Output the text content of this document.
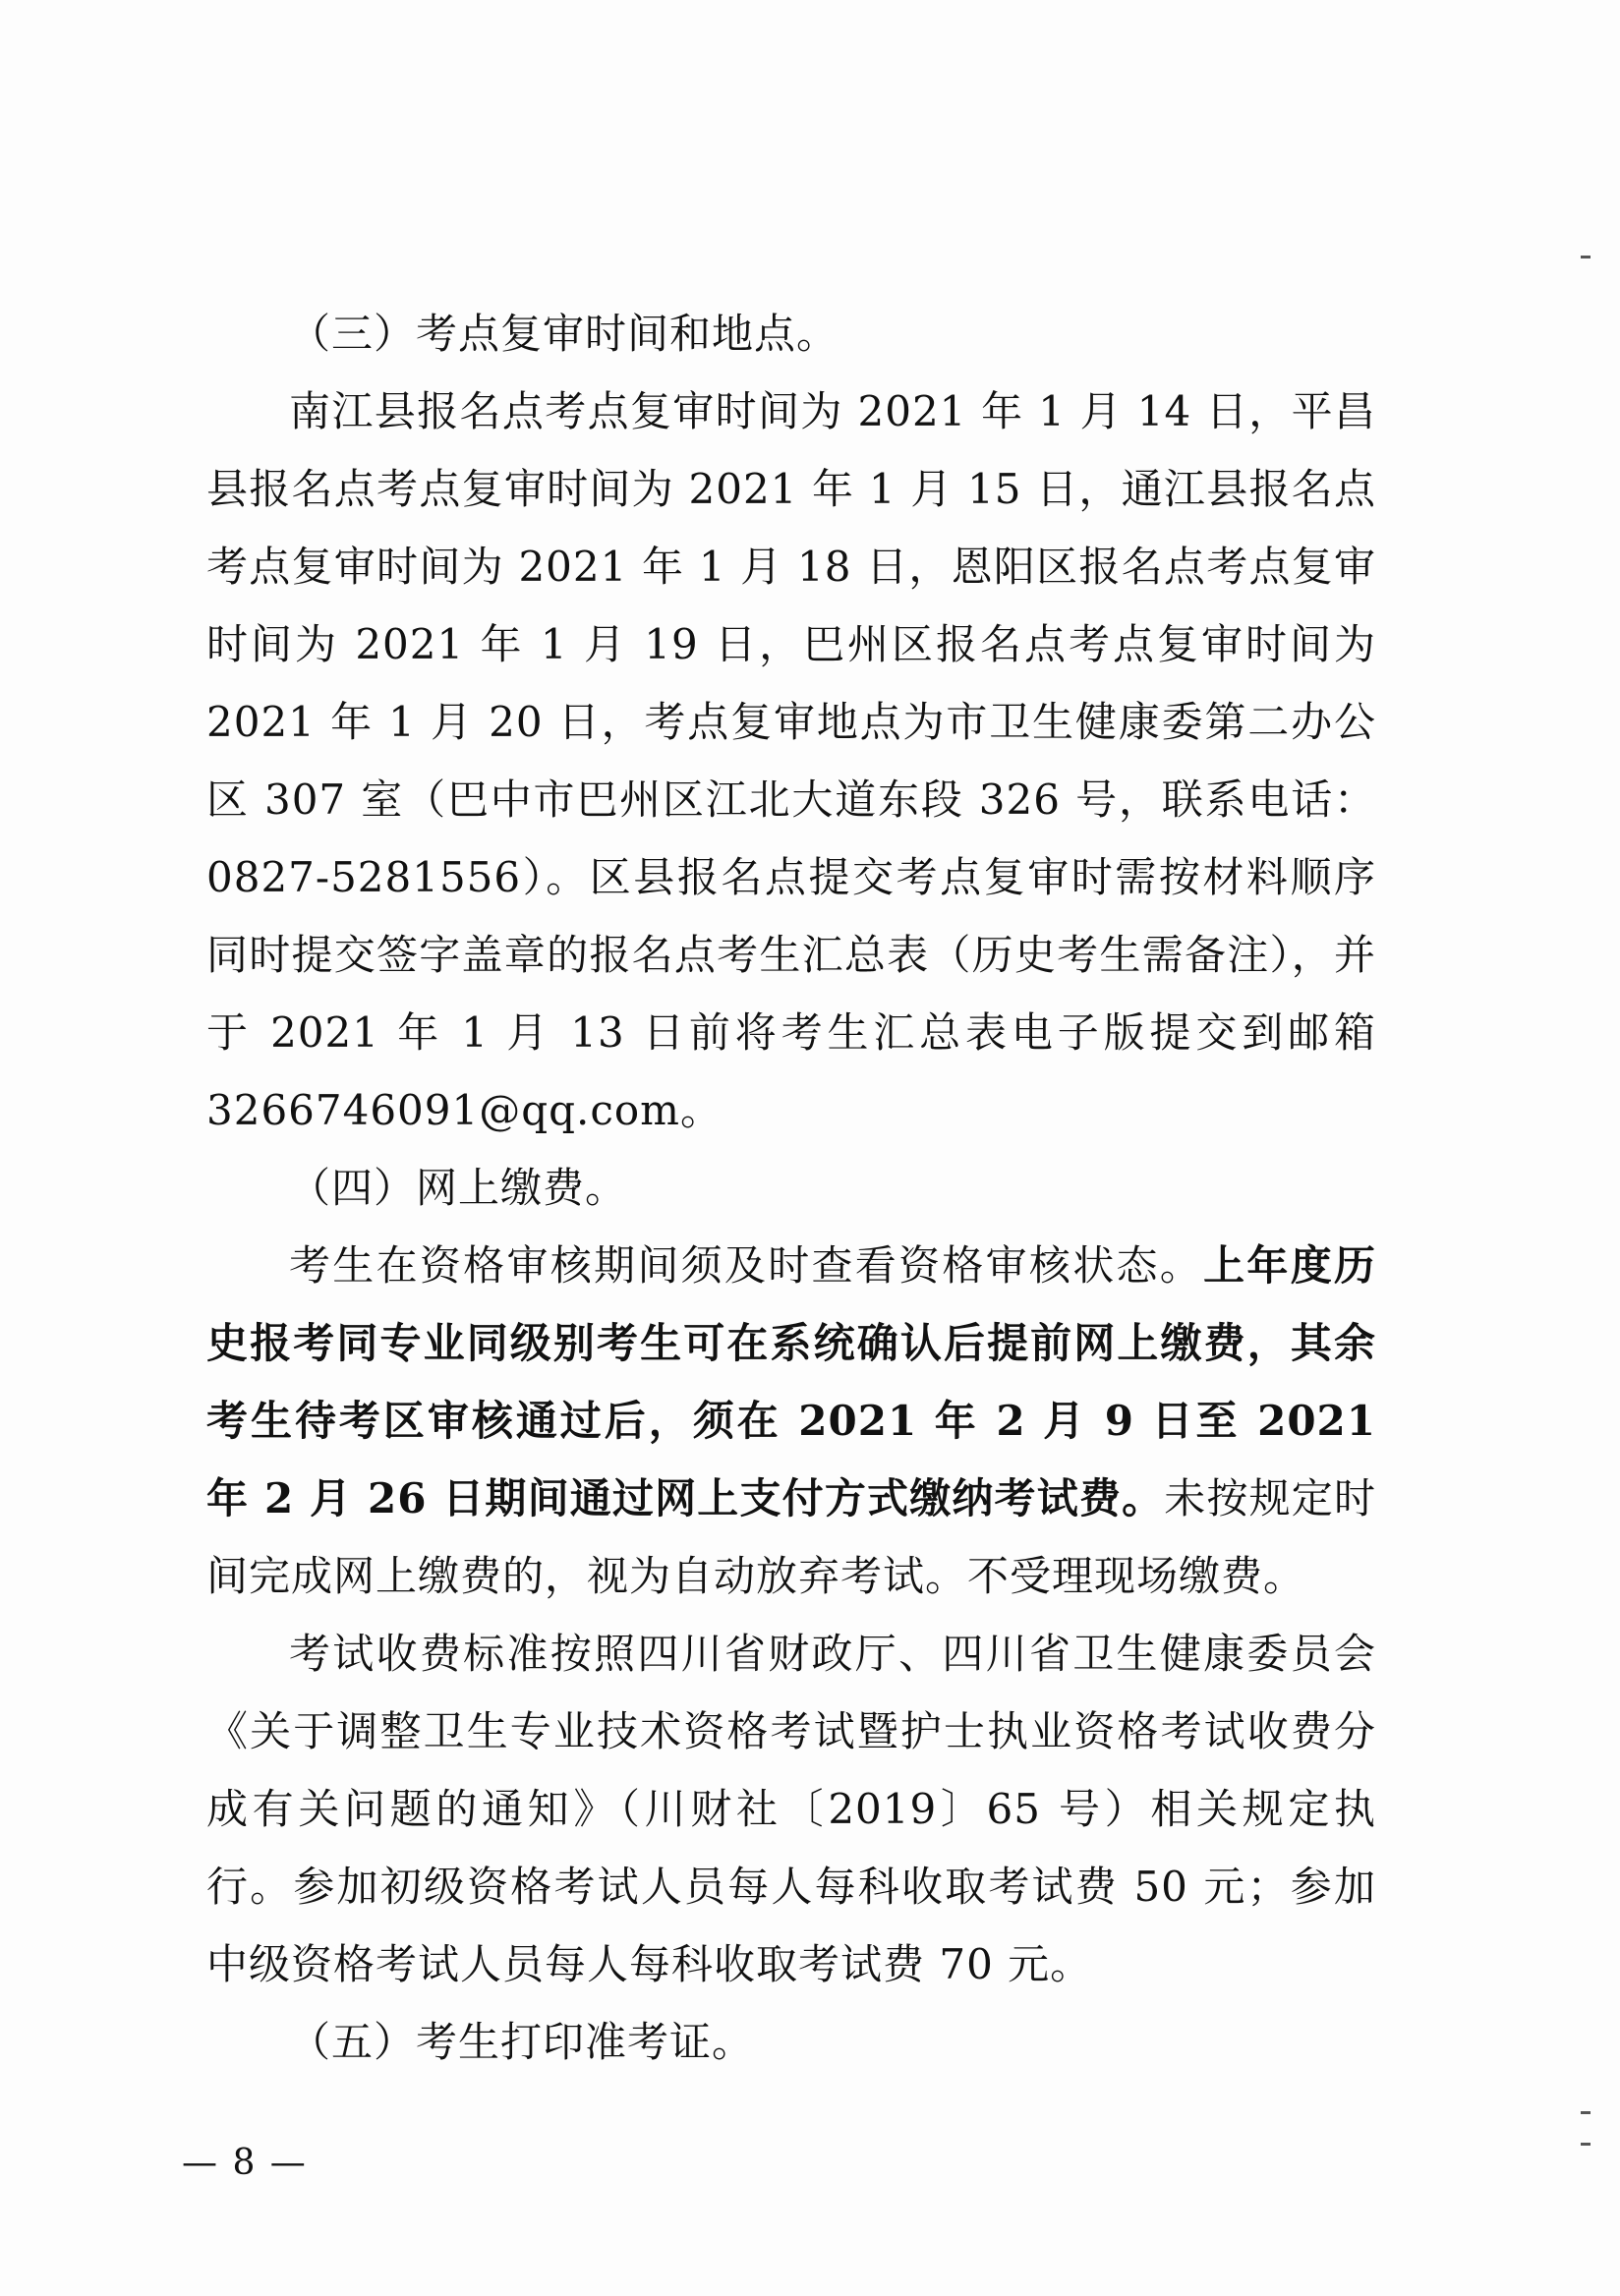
（三）考点复审时间和地点。

南江县报名点考点复审时间为 2021 年 1 月 14 日，平昌县报名点考点复审时间为 2021 年 1 月 15 日，通江县报名点考点复审时间为 2021 年 1 月 18 日，恩阳区报名点考点复审时间为 2021 年 1 月 19 日，巴州区报名点考点复审时间为 2021 年 1 月 20 日，考点复审地点为市卫生健康委第二办公区 307 室（巴中市巴州区江北大道东段 326 号，联系电话：0827-5281556）。区县报名点提交考点复审时需按材料顺序同时提交签字盖章的报名点考生汇总表（历史考生需备注），并于 2021 年 1 月 13 日前将考生汇总表电子版提交到邮箱 3266746091@qq.com。

（四）网上缴费。

考生在资格审核期间须及时查看资格审核状态。上年度历史报考同专业同级别考生可在系统确认后提前网上缴费，其余考生待考区审核通过后，须在 2021 年 2 月 9 日至 2021 年 2 月 26 日期间通过网上支付方式缴纳考试费。未按规定时间完成网上缴费的，视为自动放弃考试。不受理现场缴费。

考试收费标准按照四川省财政厅、四川省卫生健康委员会《关于调整卫生专业技术资格考试暨护士执业资格考试收费分成有关问题的通知》（川财社〔2019〕65 号）相关规定执行。参加初级资格考试人员每人每科收取考试费 50 元；参加中级资格考试人员每人每科收取考试费 70 元。

（五）考生打印准考证。

— 8 —
